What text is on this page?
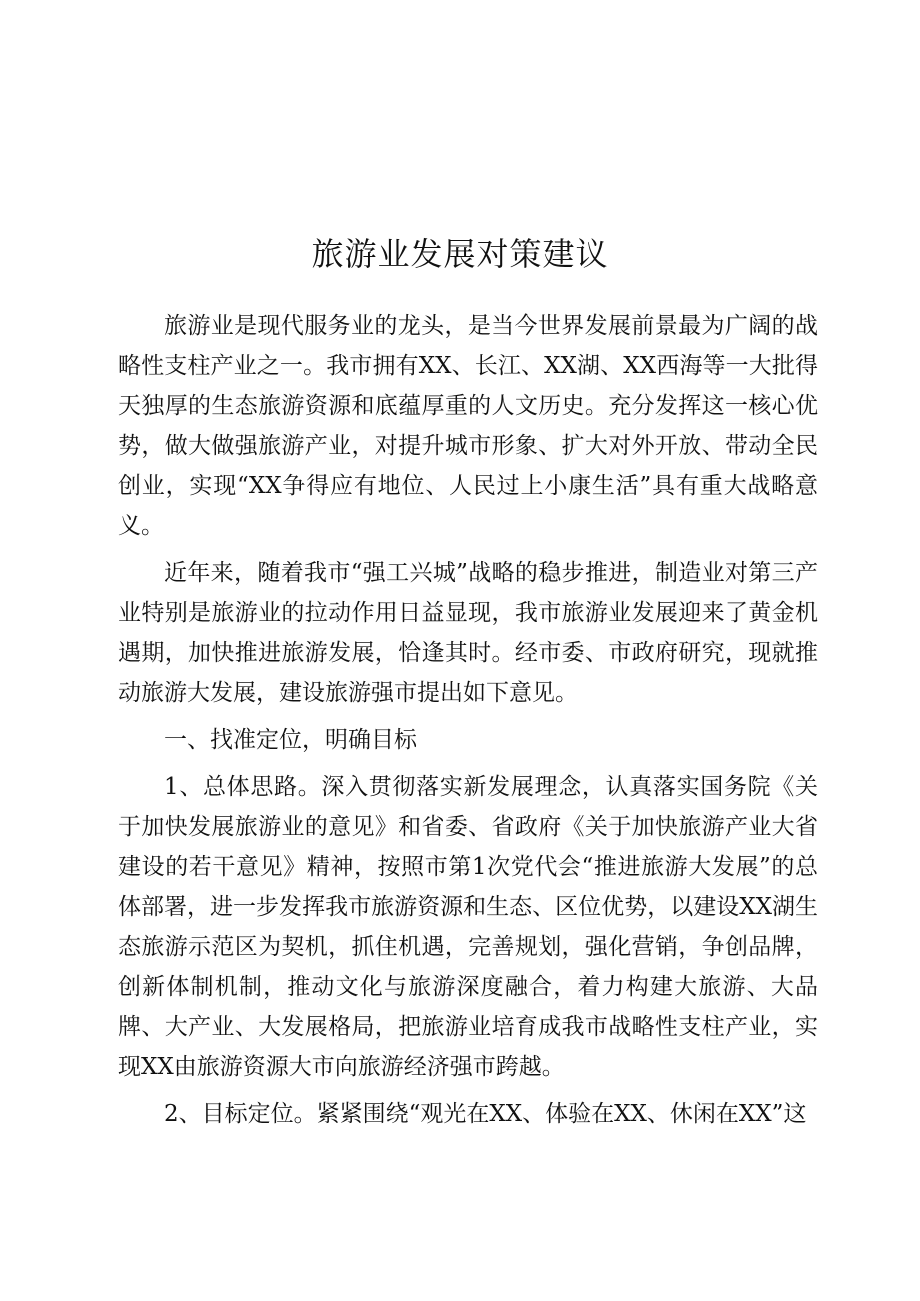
旅游业发展对策建议

旅游业是现代服务业的龙头，是当今世界发展前景最为广阔的战略性支柱产业之一。我市拥有XX、长江、XX湖、XX西海等一大批得天独厚的生态旅游资源和底蕴厚重的人文历史。充分发挥这一核心优势，做大做强旅游产业，对提升城市形象、扩大对外开放、带动全民创业，实现“XX争得应有地位、人民过上小康生活”具有重大战略意义。

近年来，随着我市“强工兴城”战略的稳步推进，制造业对第三产业特别是旅游业的拉动作用日益显现，我市旅游业发展迎来了黄金机遇期，加快推进旅游发展，恰逢其时。经市委、市政府研究，现就推动旅游大发展，建设旅游强市提出如下意见。

一、找准定位，明确目标

1、总体思路。深入贯彻落实新发展理念，认真落实国务院《关于加快发展旅游业的意见》和省委、省政府《关于加快旅游产业大省建设的若干意见》精神，按照市第1次党代会“推进旅游大发展”的总体部署，进一步发挥我市旅游资源和生态、区位优势，以建设XX湖生态旅游示范区为契机，抓住机遇，完善规划，强化营销，争创品牌，创新体制机制，推动文化与旅游深度融合，着力构建大旅游、大品牌、大产业、大发展格局，把旅游业培育成我市战略性支柱产业，实现XX由旅游资源大市向旅游经济强市跨越。

2、目标定位。紧紧围绕“观光在XX、体验在XX、休闲在XX”这
